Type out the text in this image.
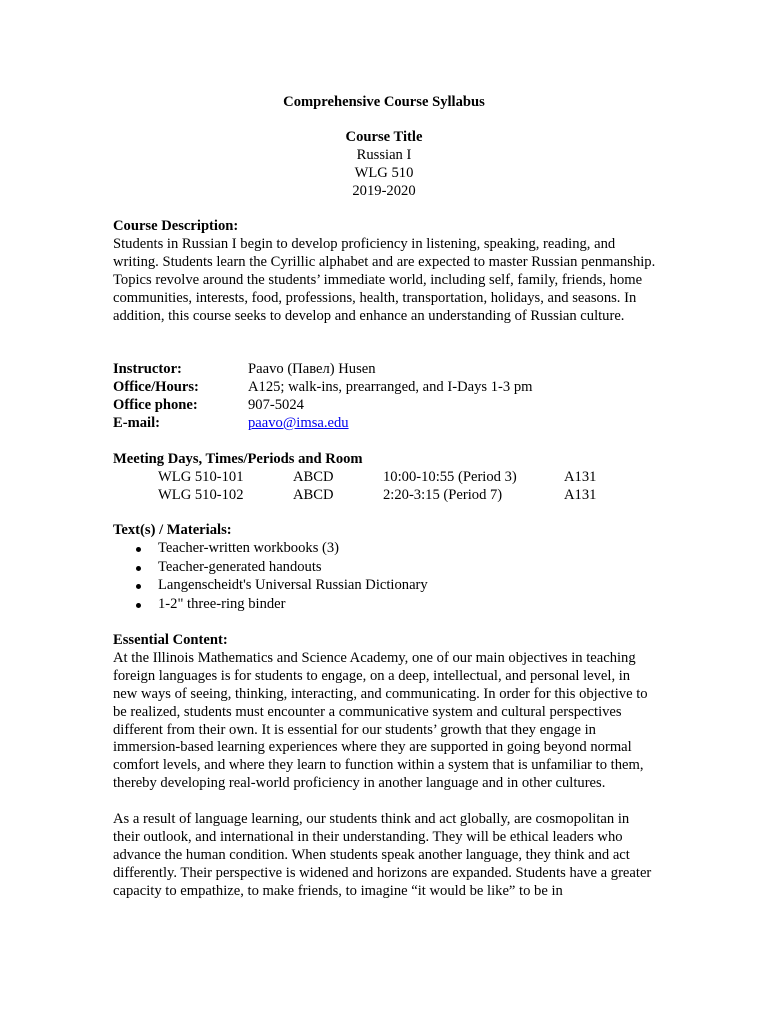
Comprehensive Course Syllabus
Course Title
Russian I
WLG 510
2019-2020
Course Description:

Students in Russian I begin to develop proficiency in listening, speaking, reading, and writing. Students learn the Cyrillic alphabet and are expected to master Russian penmanship. Topics revolve around the students’ immediate world, including self, family, friends, home communities, interests, food, professions, health, transportation, holidays, and seasons. In addition, this course seeks to develop and enhance an understanding of Russian culture.

Instructor:	Paavo (Павел) Husen
Office/Hours:	A125; walk-ins, prearranged, and I-Days 1-3 pm
Office phone:	907-5024
E-mail:	paavo@imsa.edu
Meeting Days, Times/Periods and Room
WLG 510-101	ABCD	10:00-10:55 (Period 3)	A131
WLG 510-102	ABCD	2:20-3:15 (Period 7)	A131
Text(s) / Materials:
Teacher-written workbooks (3)
Teacher-generated handouts
Langenscheidt's Universal Russian Dictionary
1-2" three-ring binder
Essential Content:

At the Illinois Mathematics and Science Academy, one of our main objectives in teaching foreign languages is for students to engage, on a deep, intellectual, and personal level, in new ways of seeing, thinking, interacting, and communicating. In order for this objective to be realized, students must encounter a communicative system and cultural perspectives different from their own. It is essential for our students’ growth that they engage in immersion-based learning experiences where they are supported in going beyond normal comfort levels, and where they learn to function within a system that is unfamiliar to them, thereby developing real-world proficiency in another language and in other cultures.

As a result of language learning, our students think and act globally, are cosmopolitan in their outlook, and international in their understanding. They will be ethical leaders who advance the human condition. When students speak another language, they think and act differently. Their perspective is widened and horizons are expanded. Students have a greater capacity to empathize, to make friends, to imagine “it would be like” to be in
